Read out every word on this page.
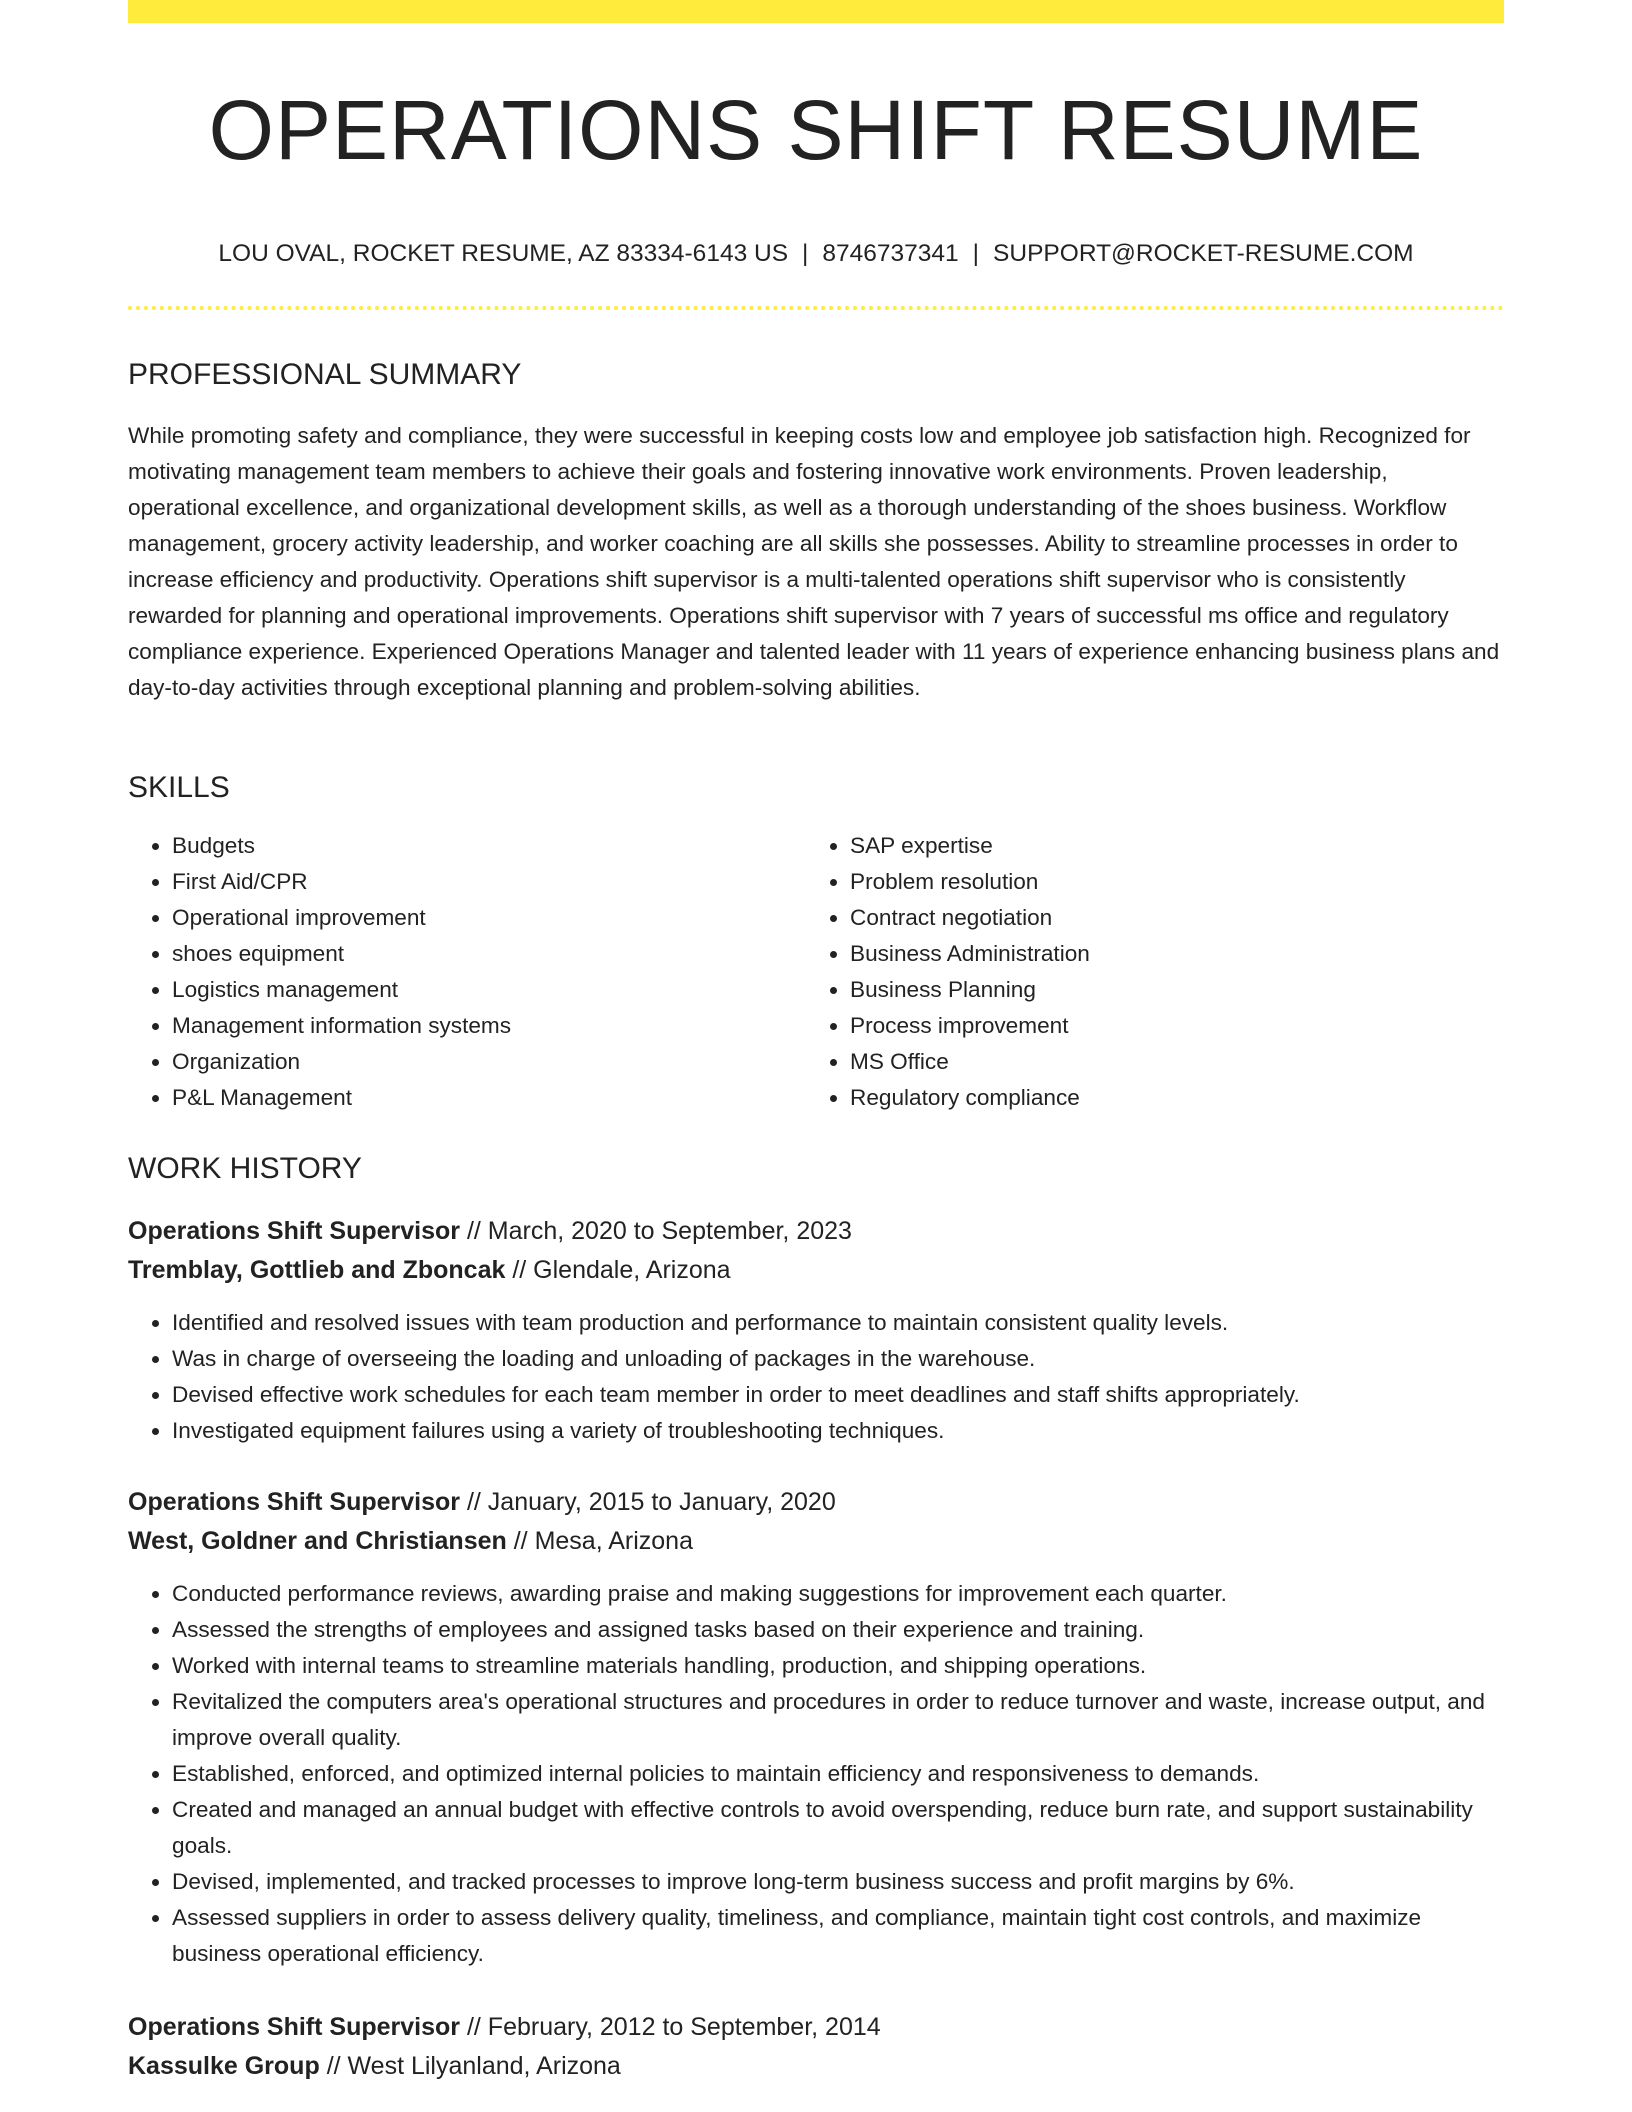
OPERATIONS SHIFT RESUME
LOU OVAL, ROCKET RESUME, AZ 83334-6143 US | 8746737341 | SUPPORT@ROCKET-RESUME.COM
PROFESSIONAL SUMMARY
While promoting safety and compliance, they were successful in keeping costs low and employee job satisfaction high. Recognized for motivating management team members to achieve their goals and fostering innovative work environments. Proven leadership, operational excellence, and organizational development skills, as well as a thorough understanding of the shoes business. Workflow management, grocery activity leadership, and worker coaching are all skills she possesses. Ability to streamline processes in order to increase efficiency and productivity. Operations shift supervisor is a multi-talented operations shift supervisor who is consistently rewarded for planning and operational improvements. Operations shift supervisor with 7 years of successful ms office and regulatory compliance experience. Experienced Operations Manager and talented leader with 11 years of experience enhancing business plans and day-to-day activities through exceptional planning and problem-solving abilities.
SKILLS
• Budgets
• First Aid/CPR
• Operational improvement
• shoes equipment
• Logistics management
• Management information systems
• Organization
• P&L Management
• SAP expertise
• Problem resolution
• Contract negotiation
• Business Administration
• Business Planning
• Process improvement
• MS Office
• Regulatory compliance
WORK HISTORY
Operations Shift Supervisor // March, 2020 to September, 2023
Tremblay, Gottlieb and Zboncak // Glendale, Arizona
• Identified and resolved issues with team production and performance to maintain consistent quality levels.
• Was in charge of overseeing the loading and unloading of packages in the warehouse.
• Devised effective work schedules for each team member in order to meet deadlines and staff shifts appropriately.
• Investigated equipment failures using a variety of troubleshooting techniques.
Operations Shift Supervisor // January, 2015 to January, 2020
West, Goldner and Christiansen // Mesa, Arizona
• Conducted performance reviews, awarding praise and making suggestions for improvement each quarter.
• Assessed the strengths of employees and assigned tasks based on their experience and training.
• Worked with internal teams to streamline materials handling, production, and shipping operations.
• Revitalized the computers area's operational structures and procedures in order to reduce turnover and waste, increase output, and improve overall quality.
• Established, enforced, and optimized internal policies to maintain efficiency and responsiveness to demands.
• Created and managed an annual budget with effective controls to avoid overspending, reduce burn rate, and support sustainability goals.
• Devised, implemented, and tracked processes to improve long-term business success and profit margins by 6%.
• Assessed suppliers in order to assess delivery quality, timeliness, and compliance, maintain tight cost controls, and maximize business operational efficiency.
Operations Shift Supervisor // February, 2012 to September, 2014
Kassulke Group // West Lilyanland, Arizona
